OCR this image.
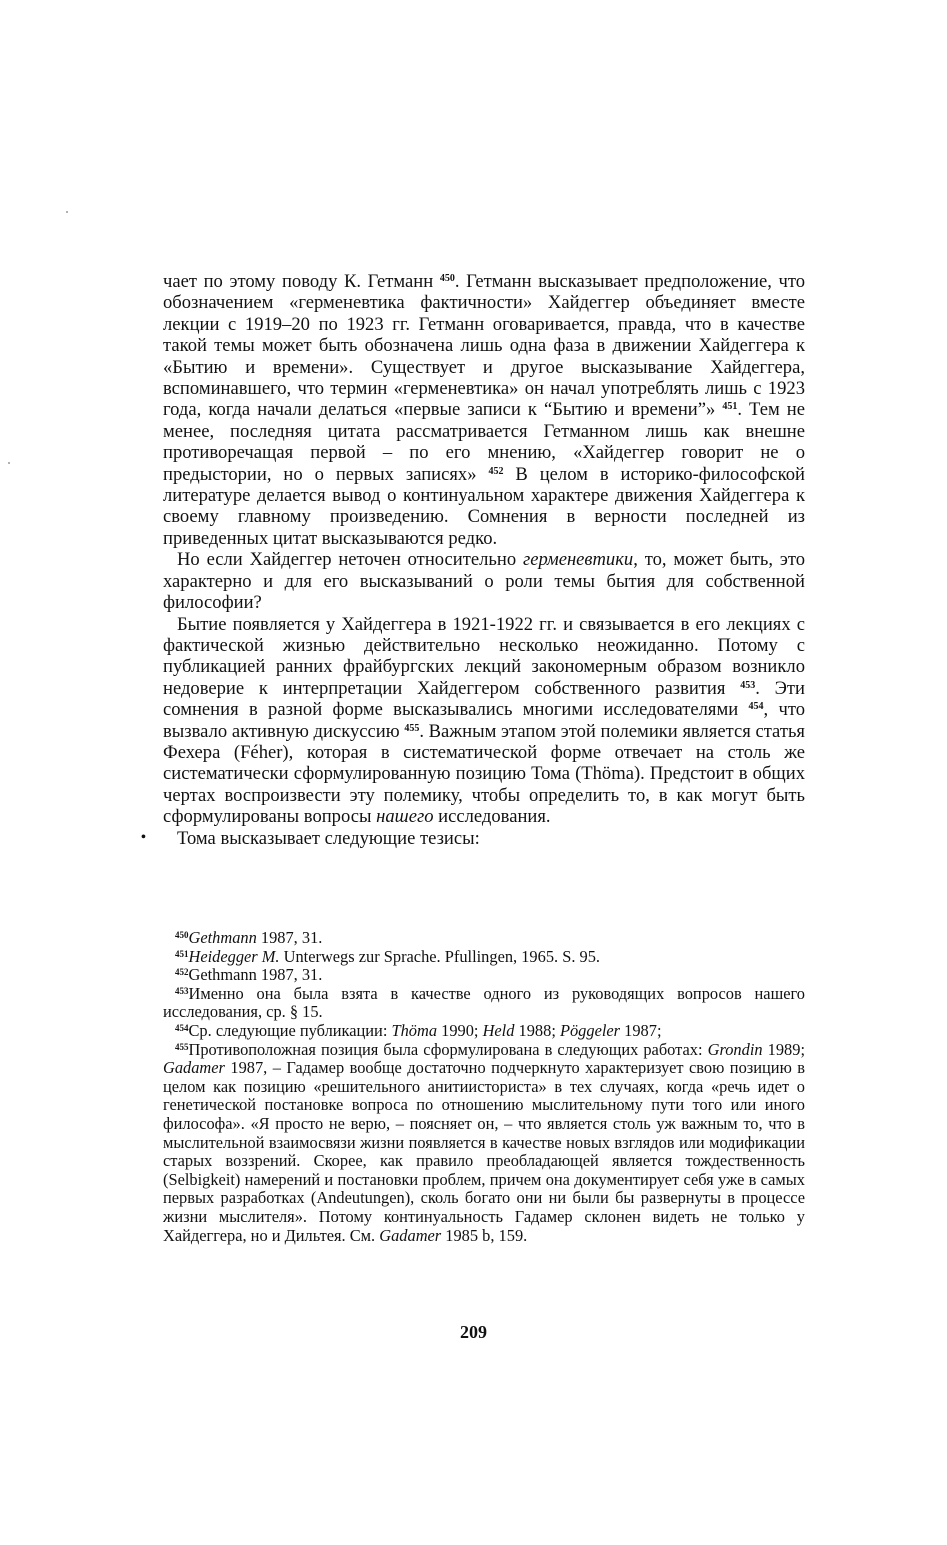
•

чает по этому поводу К. Гетманн $^{450}$. Гетманн высказывает предположение, что обозначением «герменевтика фактичности» Хайдеггер объединяет вместе лекции с 1919–20 по 1923 гг. Гетманн оговаривается, правда, что в качестве такой темы может быть обозначена лишь одна фаза в движении Хайдеггера к «Бытию и времени». Существует и другое высказывание Хайдеггера, вспоминавшего, что термин «герменевтика» он начал употреблять лишь с 1923 года, когда начали делаться «первые записи к “Бытию и времени”» $^{451}$. Тем не менее, последняя цитата рассматривается Гетманном лишь как внешне противоречащая первой – по его мнению, «Хайдеггер говорит не о предыстории, но о первых записях» $^{452}$ В целом в историко-философской литературе делается вывод о континуальном характере движения Хайдеггера к своему главному произведению. Сомнения в верности последней из приведенных цитат высказываются редко.

Но если Хайдеггер неточен относительно герменевтики, то, может быть, это характерно и для его высказываний о роли темы бытия для собственной философии?

Бытие появляется у Хайдеггера в 1921-1922 гг. и связывается в его лекциях с фактической жизнью действительно несколько неожиданно. Потому с публикацией ранних фрайбургских лекций закономерным образом возникло недоверие к интерпретации Хайдеггером собственного развития $^{453}$. Эти сомнения в разной форме высказывались многими исследователями $^{454}$, что вызвало активную дискуссию $^{455}$. Важным этапом этой полемики является статья Фехера (Féher), которая в систематической форме отвечает на столь же систематически сформулированную позицию Тома (Thöma). Предстоит в общих чертах воспроизвести эту полемику, чтобы определить то, в как могут быть сформулированы вопросы нашего исследования.

Тома высказывает следующие тезисы:

$^{450}$Gethmann 1987, 31.

$^{451}$Heidegger M. Unterwegs zur Sprache. Pfullingen, 1965. S. 95.

$^{452}$Gethmann 1987, 31.

$^{453}$Именно она была взята в качестве одного из руководящих вопросов нашего исследования, ср. § 15.

$^{454}$Ср. следующие публикации: Thöma 1990; Held 1988; Pöggeler 1987;

$^{455}$Противоположная позиция была сформулирована в следующих работах: Grondin 1989; Gadamer 1987, – Гадамер вообще достаточно подчеркнуто характеризует свою позицию в целом как позицию «решительного анитиисториста» в тех случаях, когда «речь идет о генетической постановке вопроса по отношению мыслительному пути того или иного философа». «Я просто не верю, – поясняет он, – что является столь уж важным то, что в мыслительной взаимосвязи жизни появляется в качестве новых взглядов или модификации старых воззрений. Скорее, как правило преобладающей является тождественность (Selbigkeit) намерений и постановки проблем, причем она документирует себя уже в самых первых разработках (Andeutungen), сколь богато они ни были бы развернуты в процессе жизни мыслителя». Потому континуальность Гадамер склонен видеть не только у Хайдеггера, но и Дильтея. См. Gadamer 1985 b, 159.

209
